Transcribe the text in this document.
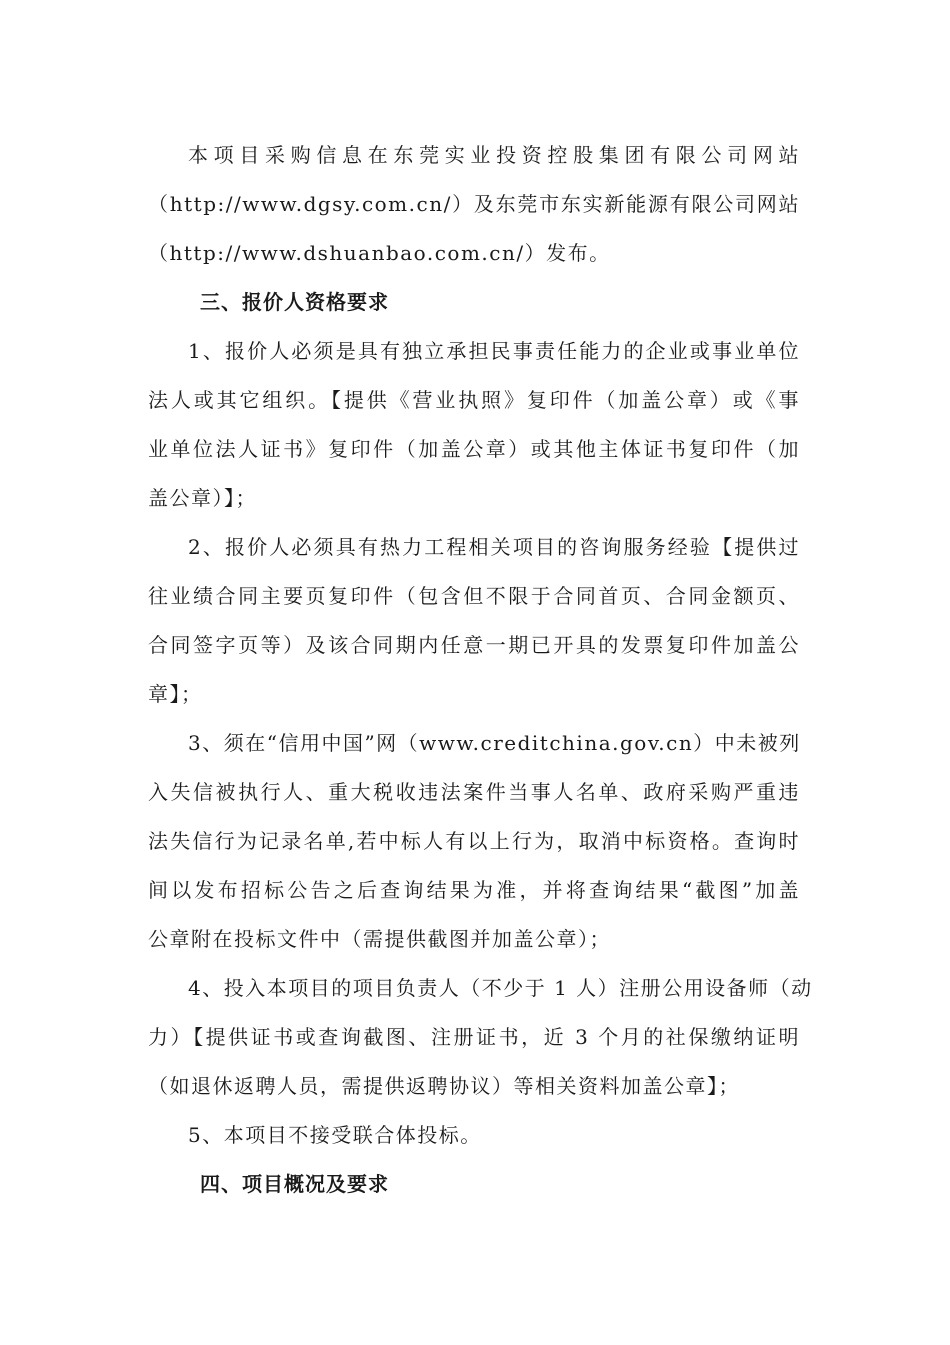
本项目采购信息在东莞实业投资控股集团有限公司网站
（http://www.dgsy.com.cn/）及东莞市东实新能源有限公司网站
（http://www.dshuanbao.com.cn/）发布。
三、报价人资格要求
1、报价人必须是具有独立承担民事责任能力的企业或事业单位
法人或其它组织。【提供《营业执照》复印件（加盖公章）或《事
业单位法人证书》复印件（加盖公章）或其他主体证书复印件（加
盖公章）】；
2、报价人必须具有热力工程相关项目的咨询服务经验【提供过
往业绩合同主要页复印件（包含但不限于合同首页、合同金额页、
合同签字页等）及该合同期内任意一期已开具的发票复印件加盖公
章】；
3、须在“信用中国”网（www.creditchina.gov.cn）中未被列
入失信被执行人、重大税收违法案件当事人名单、政府采购严重违
法失信行为记录名单,若中标人有以上行为，取消中标资格。查询时
间以发布招标公告之后查询结果为准，并将查询结果“截图”加盖
公章附在投标文件中（需提供截图并加盖公章）；
4、投入本项目的项目负责人（不少于 1 人）注册公用设备师（动
力）【提供证书或查询截图、注册证书，近 3 个月的社保缴纳证明
（如退休返聘人员，需提供返聘协议）等相关资料加盖公章】；
5、本项目不接受联合体投标。
四、项目概况及要求
